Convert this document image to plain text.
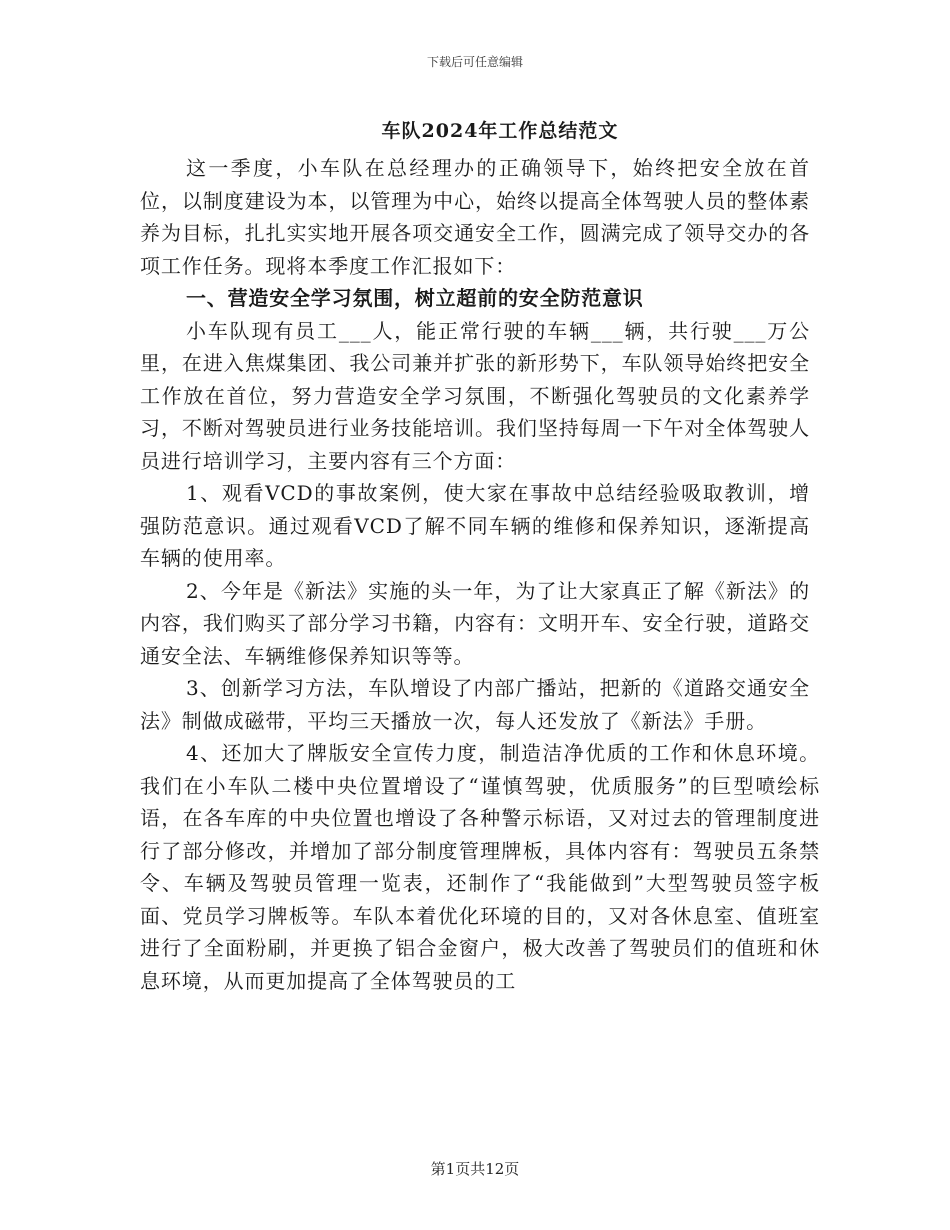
下载后可任意编辑
车队2024年工作总结范文

这一季度，小车队在总经理办的正确领导下，始终把安全放在首位，以制度建设为本，以管理为中心，始终以提高全体驾驶人员的整体素养为目标，扎扎实实地开展各项交通安全工作，圆满完成了领导交办的各项工作任务。现将本季度工作汇报如下：

一、营造安全学习氛围，树立超前的安全防范意识

小车队现有员工___人，能正常行驶的车辆___辆，共行驶___万公里，在进入焦煤集团、我公司兼并扩张的新形势下，车队领导始终把安全工作放在首位，努力营造安全学习氛围，不断强化驾驶员的文化素养学习，不断对驾驶员进行业务技能培训。我们坚持每周一下午对全体驾驶人员进行培训学习，主要内容有三个方面：

1、观看VCD的事故案例，使大家在事故中总结经验吸取教训，增强防范意识。通过观看VCD了解不同车辆的维修和保养知识，逐渐提高车辆的使用率。

2、今年是《新法》实施的头一年，为了让大家真正了解《新法》的内容，我们购买了部分学习书籍，内容有：文明开车、安全行驶，道路交通安全法、车辆维修保养知识等等。

3、创新学习方法，车队增设了内部广播站，把新的《道路交通安全法》制做成磁带，平均三天播放一次，每人还发放了《新法》手册。

4、还加大了牌版安全宣传力度，制造洁净优质的工作和休息环境。我们在小车队二楼中央位置增设了“谨慎驾驶，优质服务”的巨型喷绘标语，在各车库的中央位置也增设了各种警示标语，又对过去的管理制度进行了部分修改，并增加了部分制度管理牌板，具体内容有：驾驶员五条禁令、车辆及驾驶员管理一览表，还制作了“我能做到”大型驾驶员签字板面、党员学习牌板等。车队本着优化环境的目的，又对各休息室、值班室进行了全面粉刷，并更换了铝合金窗户，极大改善了驾驶员们的值班和休息环境，从而更加提高了全体驾驶员的工

第1页共12页
